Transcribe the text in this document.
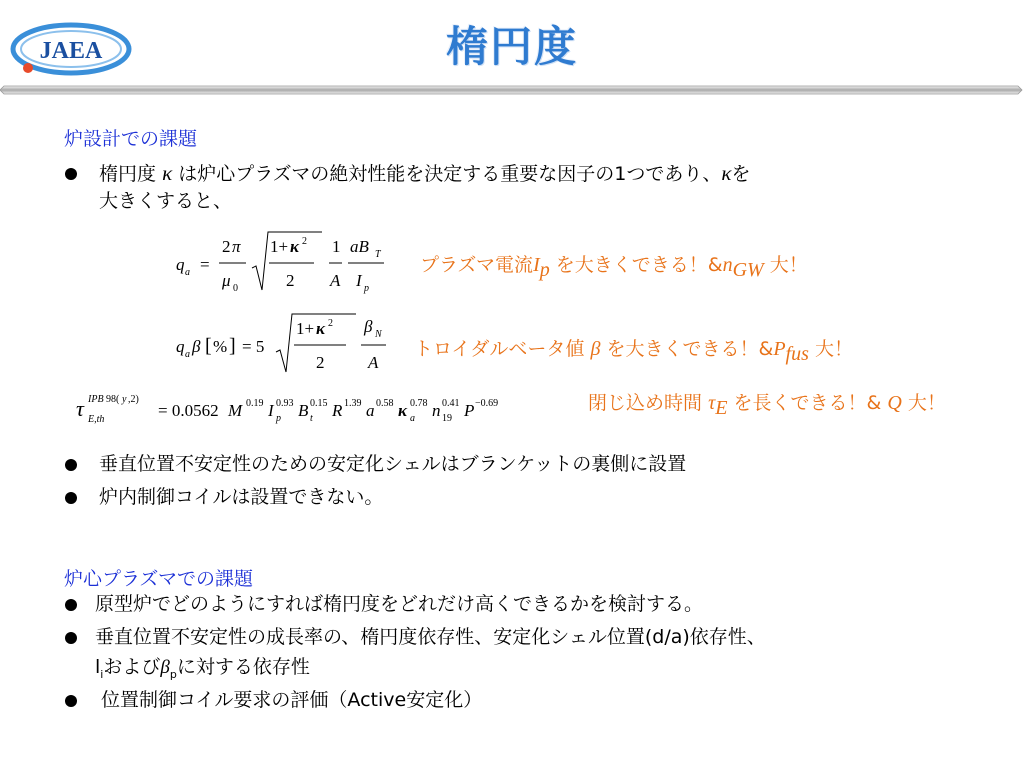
JAEA	楕円度
炉設計での課題
楕円度 κ は炉心プラズマの絶対性能を決定する重要な因子の1つであり、κを
大きくすると、
q a =
2 π
μ 0
1+ κ 2
2
1
A
aB T
I p
プラズマ電流$I_p$ を大きくできる！$\&n_{GW}$ 大！
q a β [ % ] = 5
1+ κ 2
2
β N
A
トロイダルベータ値 β を大きくできる！$\&P_{fus}$ 大！
τ IPB 98( y ,2)
E,th	= 0.0562 M 0.19 I p
0.93 B t
0.15 R 1.39 a 0.58 κ a
0.78 n 19
0.41 P −0.69	閉じ込め時間 $\tau_E$ を長くできる！& Q 大！
垂直位置不安定性のための安定化シェルはブランケットの裏側に設置
炉内制御コイルは設置できない。
炉心プラズマでの課題
原型炉でどのようにすれば楕円度をどれだけ高くできるかを検討する。
垂直位置不安定性の成長率の、楕円度依存性、安定化シェル位置(d/a)依存性、
$l_i$および$\beta_p$に対する依存性
位置制御コイル要求の評価（Active安定化）
